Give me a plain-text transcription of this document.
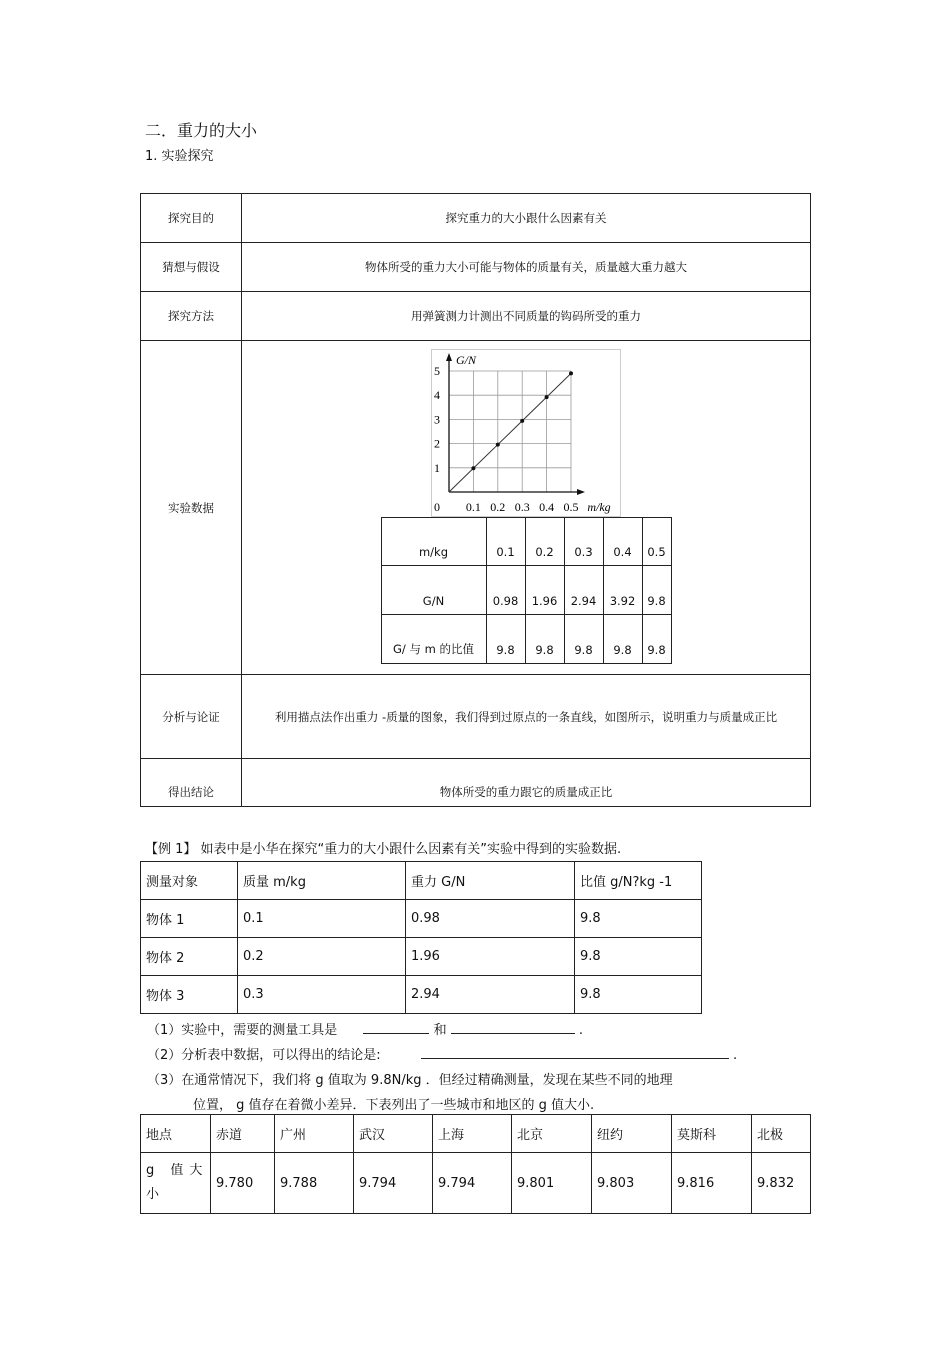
二．重力的大小
1. 实验探究
探究目的	探究重力的大小跟什么因素有关
猜想与假设	物体所受的重力大小可能与物体的质量有关，质量越大重力越大
探究方法	用弹簧测力计测出不同质量的钩码所受的重力
实验数据	
G/N
m/kg
0
1
2
3
4
5
0.1 0.2 0.3 0.4 0.5
m/kg	0.1	0.2	0.3	0.4	0.5
G/N	0.98	1.96	2.94	3.92	9.8
G/ 与 m 的比值	9.8	9.8	9.8	9.8	9.8

分析与论证	利用描点法作出重力 -质量的图象，我们得到过原点的一条直线，如图所示，说明重力与质量成正比
得出结论	物体所受的重力跟它的质量成正比
【例 1】 如表中是小华在探究“重力的大小跟什么因素有关”实验中得到的实验数据.
测量对象	质量 m/kg	重力 G/N	比值 g/N?kg -1
物体 1	0.1	0.98	9.8
物体 2	0.2	1.96	9.8
物体 3	0.3	2.94	9.8
（1）实验中，需要的测量工具是	和	.
（2）分析表中数据，可以得出的结论是:	.
（3）在通常情况下，我们将 g 值取为 9.8N/kg ．但经过精确测量，发现在某些不同的地理
位置， g 值存在着微小差异．下表列出了一些城市和地区的 g 值大小.
地点	赤道	广州	武汉	上海	北京	纽约	莫斯科	北极
g 值大小	9.780	9.788	9.794	9.794	9.801	9.803	9.816	9.832
